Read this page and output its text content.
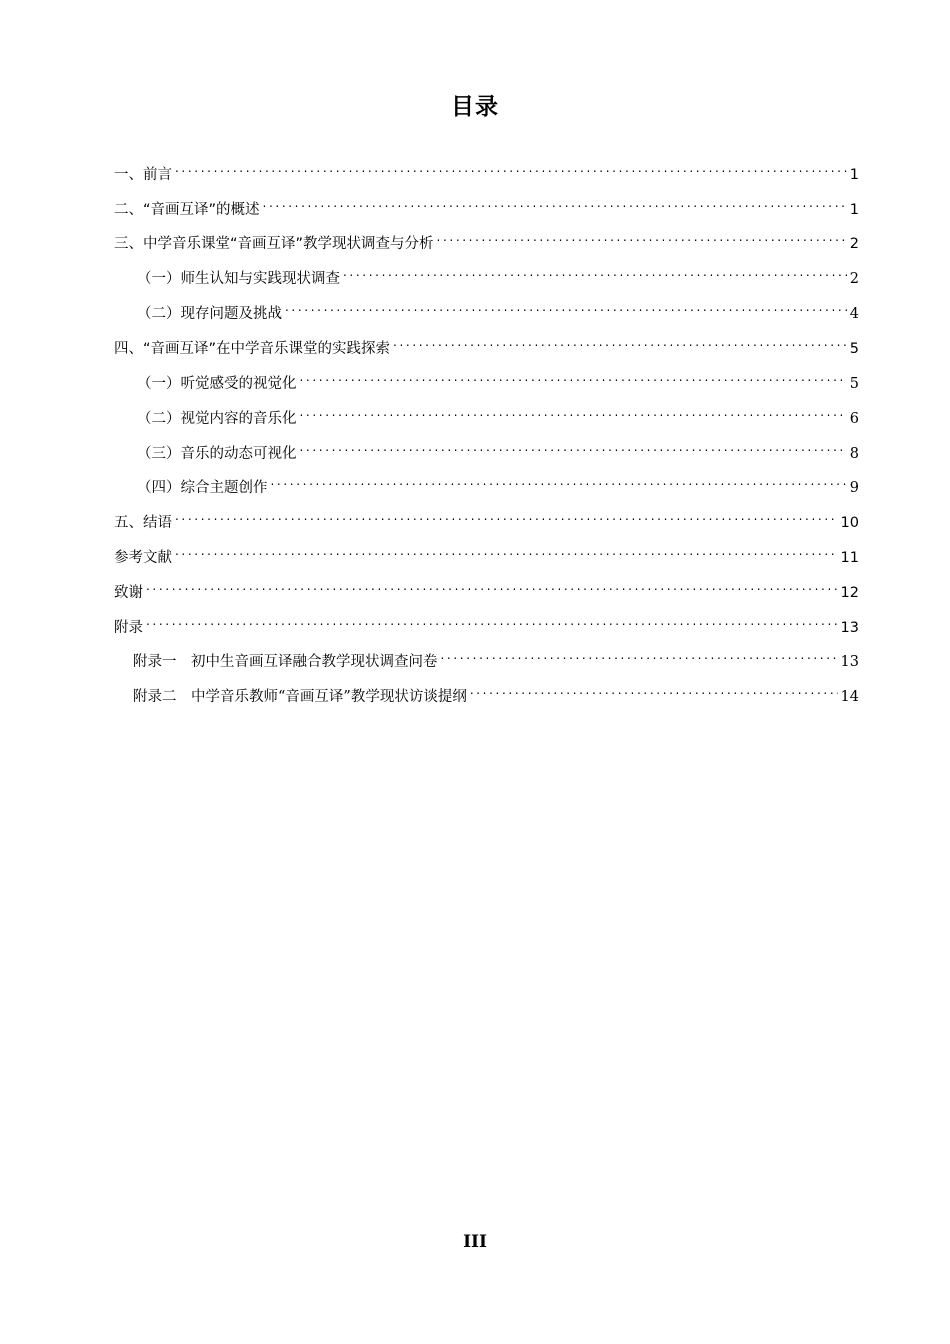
目录
一、前言 . . .	1
二、“音画互译”的概述 . . .	1
三、中学音乐课堂“音画互译”教学现状调查与分析 . . .	2
（一）师生认知与实践现状调查 . . .	2
（二）现存问题及挑战 . . .	4
四、“音画互译”在中学音乐课堂的实践探索 . . .	5
（一）听觉感受的视觉化 . . .	5
（二）视觉内容的音乐化 . . .	6
（三）音乐的动态可视化 . . .	8
（四）综合主题创作 . . .	9
五、结语 . . .	10
参考文献 . . .	11
致谢 . . .	12
附录 . . .	13
附录一　初中生音画互译融合教学现状调查问卷 . . .	13
附录二　中学音乐教师“音画互译”教学现状访谈提纲 . . .	14
III
